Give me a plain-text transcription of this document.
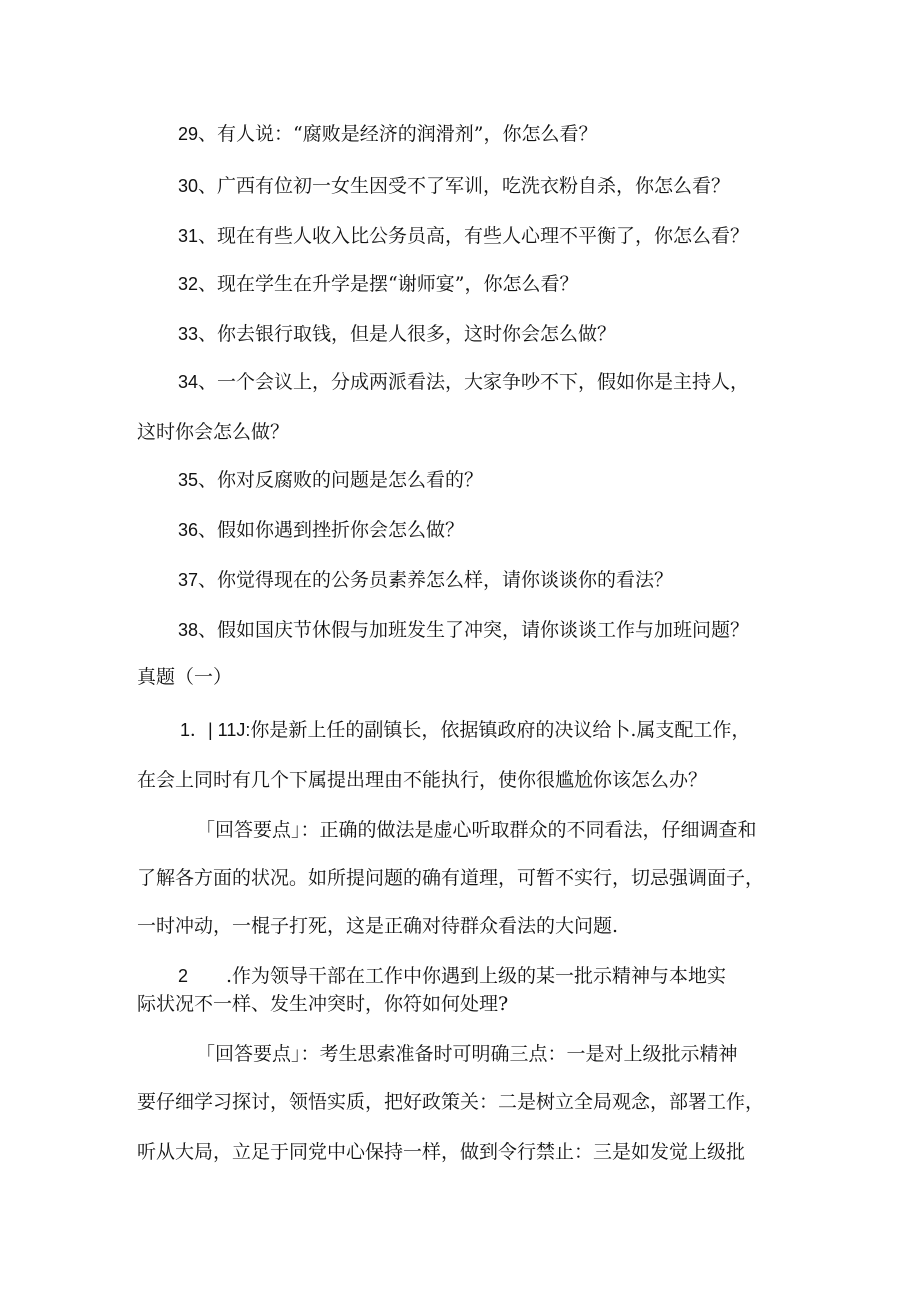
29、有人说：“腐败是经济的润滑剂”，你怎么看？
30、广西有位初一女生因受不了军训，吃洗衣粉自杀，你怎么看？
31、现在有些人收入比公务员高，有些人心理不平衡了，你怎么看？
32、现在学生在升学是摆“谢师宴”，你怎么看？
33、你去银行取钱，但是人很多，这时你会怎么做？
34、一个会议上，分成两派看法，大家争吵不下，假如你是主持人，
这时你会怎么做？
35、你对反腐败的问题是怎么看的？
36、假如你遇到挫折你会怎么做？
37、你觉得现在的公务员素养怎么样，请你谈谈你的看法？
38、假如国庆节休假与加班发生了冲突，请你谈谈工作与加班问题？
真题（一）
1．| 11J:你是新上任的副镇长，依据镇政府的决议给卜.属支配工作，
在会上同时有几个下属提出理由不能执行，使你很尴尬你该怎么办？
「回答要点」：正确的做法是虚心听取群众的不同看法，仔细调查和
了解各方面的状况。如所提问题的确有道理，可暂不实行，切忌强调面子，
一时冲动，一棍子打死，这是正确对待群众看法的大问题.
2 .作为领导干部在工作中你遇到上级的某一批示精神与本地实
际状况不一样、发生冲突时，你符如何处理?
「回答要点」：考生思索准备时可明确三点：一是对上级批示精神
要仔细学习探讨，领悟实质，把好政策关：二是树立全局观念，部署工作，
听从大局，立足于同党中心保持一样，做到令行禁止：三是如发觉上级批
